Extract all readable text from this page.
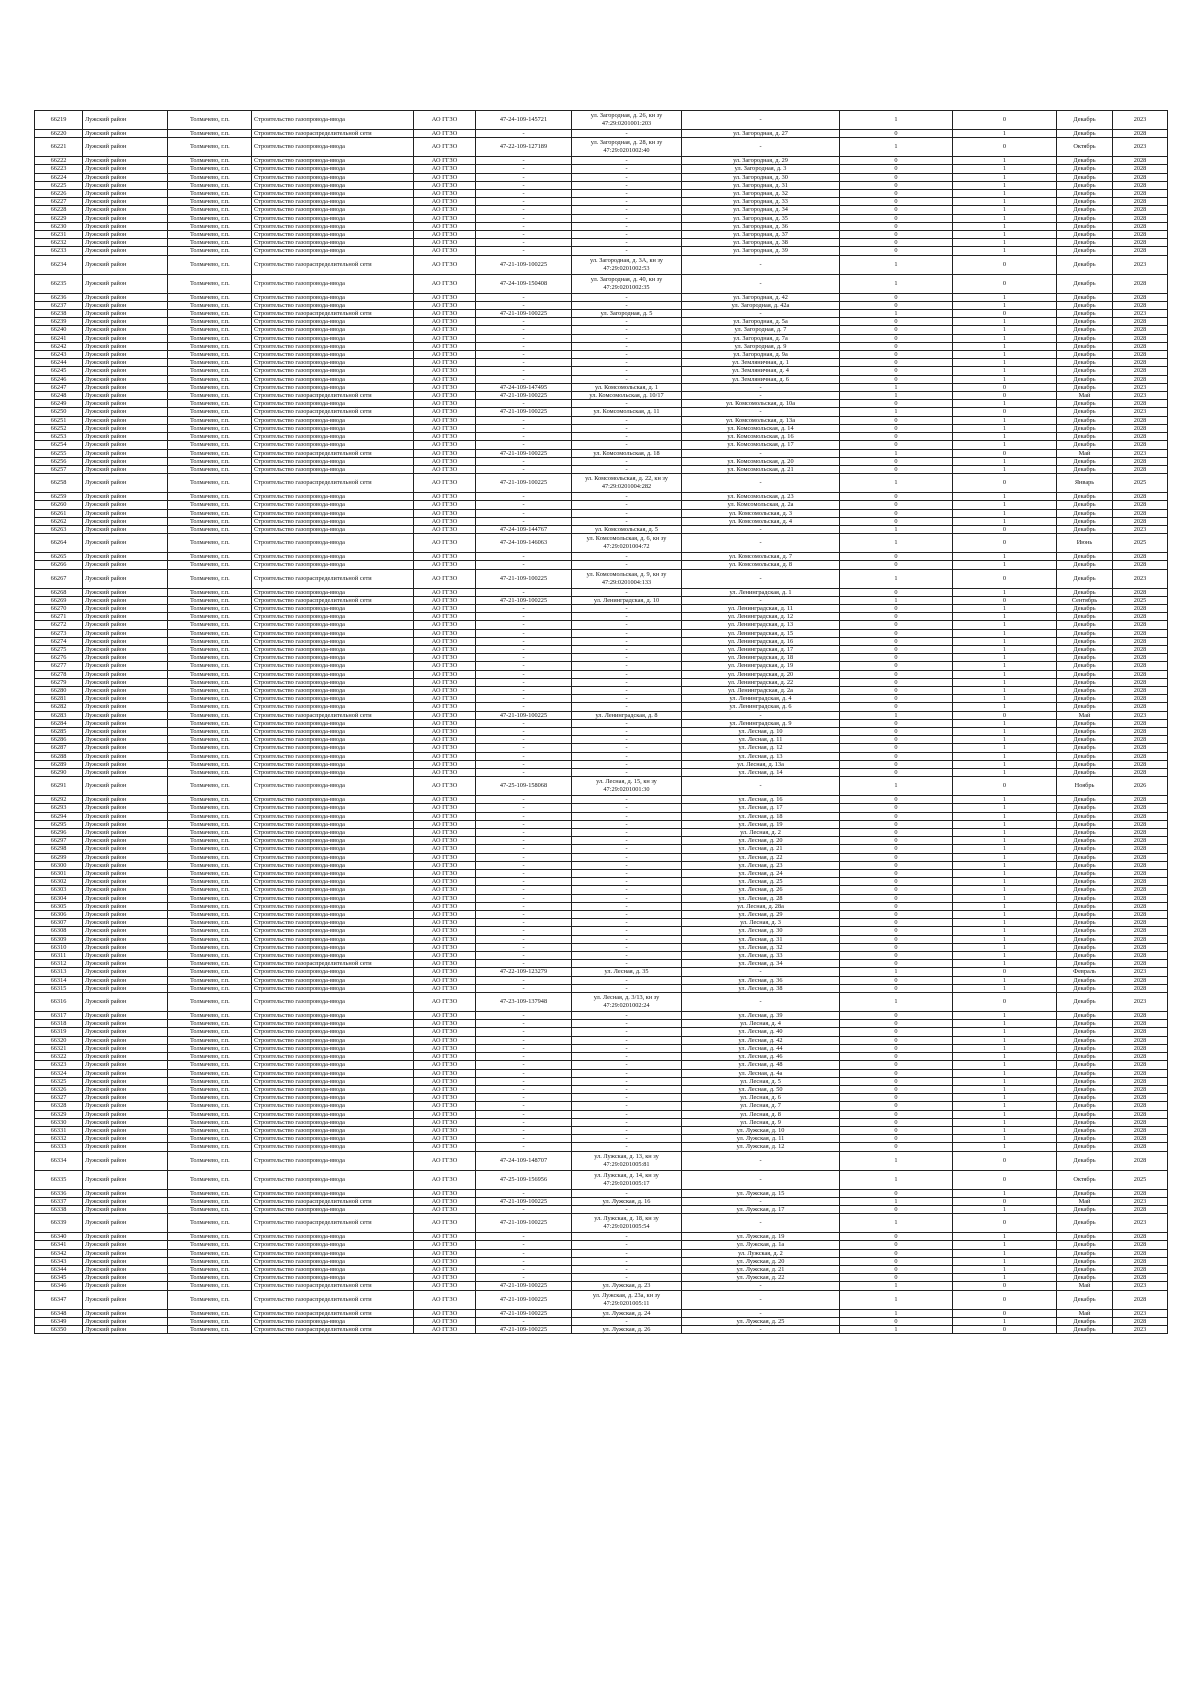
66219	Лужский район	Толмачево, г.п.	Строительство газопровода-ввода	АО ГГЗО	47-24-109-145721	ул. Загородная, д. 26, кн зу 47:29:0201001:203	-	1	0	Декабрь	2023
66220	Лужский район	Толмачево, г.п.	Строительство газораспределительной сети	АО ГГЗО	-	-	ул. Загородная, д. 27	0	1	Декабрь	2028
66221	Лужский район	Толмачево, г.п.	Строительство газопровода-ввода	АО ГГЗО	47-22-109-127189	ул. Загородная, д. 28, кн зу 47:29:0201002:40	-	1	0	Октябрь	2023
66222	Лужский район	Толмачево, г.п.	Строительство газопровода-ввода	АО ГГЗО	-	-	ул. Загородная, д. 29	0	1	Декабрь	2028
66223	Лужский район	Толмачево, г.п.	Строительство газопровода-ввода	АО ГГЗО	-	-	ул. Загородная, д. 3	0	1	Декабрь	2028
66224	Лужский район	Толмачево, г.п.	Строительство газопровода-ввода	АО ГГЗО	-	-	ул. Загородная, д. 30	0	1	Декабрь	2028
66225	Лужский район	Толмачево, г.п.	Строительство газопровода-ввода	АО ГГЗО	-	-	ул. Загородная, д. 31	0	1	Декабрь	2028
66226	Лужский район	Толмачево, г.п.	Строительство газопровода-ввода	АО ГГЗО	-	-	ул. Загородная, д. 32	0	1	Декабрь	2028
66227	Лужский район	Толмачево, г.п.	Строительство газопровода-ввода	АО ГГЗО	-	-	ул. Загородная, д. 33	0	1	Декабрь	2028
66228	Лужский район	Толмачево, г.п.	Строительство газопровода-ввода	АО ГГЗО	-	-	ул. Загородная, д. 34	0	1	Декабрь	2028
66229	Лужский район	Толмачево, г.п.	Строительство газопровода-ввода	АО ГГЗО	-	-	ул. Загородная, д. 35	0	1	Декабрь	2028
66230	Лужский район	Толмачево, г.п.	Строительство газопровода-ввода	АО ГГЗО	-	-	ул. Загородная, д. 36	0	1	Декабрь	2028
66231	Лужский район	Толмачево, г.п.	Строительство газопровода-ввода	АО ГГЗО	-	-	ул. Загородная, д. 37	0	1	Декабрь	2028
66232	Лужский район	Толмачево, г.п.	Строительство газопровода-ввода	АО ГГЗО	-	-	ул. Загородная, д. 38	0	1	Декабрь	2028
66233	Лужский район	Толмачево, г.п.	Строительство газопровода-ввода	АО ГГЗО	-	-	ул. Загородная, д. 39	0	1	Декабрь	2028
66234	Лужский район	Толмачево, г.п.	Строительство газораспределительной сети	АО ГГЗО	47-21-109-100225	ул. Загородная, д. 3А, кн зу 47:29:0201002:53	-	1	0	Декабрь	2023
66235	Лужский район	Толмачево, г.п.	Строительство газопровода-ввода	АО ГГЗО	47-24-109-150408	ул. Загородная, д. 40, кн зу 47:29:0201002:35	-	1	0	Декабрь	2028
66236	Лужский район	Толмачево, г.п.	Строительство газопровода-ввода	АО ГГЗО	-	-	ул. Загородная, д. 42	0	1	Декабрь	2028
66237	Лужский район	Толмачево, г.п.	Строительство газопровода-ввода	АО ГГЗО	-	-	ул. Загородная, д. 42а	0	1	Декабрь	2028
66238	Лужский район	Толмачево, г.п.	Строительство газораспределительной сети	АО ГГЗО	47-21-109-100225	ул. Загородная, д. 5	-	1	0	Декабрь	2023
66239	Лужский район	Толмачево, г.п.	Строительство газопровода-ввода	АО ГГЗО	-	-	ул. Загородная, д. 5а	0	1	Декабрь	2028
66240	Лужский район	Толмачево, г.п.	Строительство газопровода-ввода	АО ГГЗО	-	-	ул. Загородная, д. 7	0	1	Декабрь	2028
66241	Лужский район	Толмачево, г.п.	Строительство газопровода-ввода	АО ГГЗО	-	-	ул. Загородная, д. 7а	0	1	Декабрь	2028
66242	Лужский район	Толмачево, г.п.	Строительство газопровода-ввода	АО ГГЗО	-	-	ул. Загородная, д. 9	0	1	Декабрь	2028
66243	Лужский район	Толмачево, г.п.	Строительство газопровода-ввода	АО ГГЗО	-	-	ул. Загородная, д. 9а	0	1	Декабрь	2028
66244	Лужский район	Толмачево, г.п.	Строительство газопровода-ввода	АО ГГЗО	-	-	ул. Земляничная, д. 1	0	1	Декабрь	2028
66245	Лужский район	Толмачево, г.п.	Строительство газопровода-ввода	АО ГГЗО	-	-	ул. Земляничная, д. 4	0	1	Декабрь	2028
66246	Лужский район	Толмачево, г.п.	Строительство газопровода-ввода	АО ГГЗО	-	-	ул. Земляничная, д. 6	0	1	Декабрь	2028
66247	Лужский район	Толмачево, г.п.	Строительство газопровода-ввода	АО ГГЗО	47-24-109-147495	ул. Комсомольская, д. 1	-	1	0	Декабрь	2023
66248	Лужский район	Толмачево, г.п.	Строительство газораспределительной сети	АО ГГЗО	47-21-109-100225	ул. Комсомольская, д. 10/17	-	1	0	Май	2023
66249	Лужский район	Толмачево, г.п.	Строительство газопровода-ввода	АО ГГЗО	-	-	ул. Комсомольская, д. 10а	0	1	Декабрь	2028
66250	Лужский район	Толмачево, г.п.	Строительство газораспределительной сети	АО ГГЗО	47-21-109-100225	ул. Комсомольская, д. 11	-	1	0	Декабрь	2023
66251	Лужский район	Толмачево, г.п.	Строительство газопровода-ввода	АО ГГЗО	-	-	ул. Комсомольская, д. 13а	0	1	Декабрь	2028
66252	Лужский район	Толмачево, г.п.	Строительство газопровода-ввода	АО ГГЗО	-	-	ул. Комсомольская, д. 14	0	1	Декабрь	2028
66253	Лужский район	Толмачево, г.п.	Строительство газопровода-ввода	АО ГГЗО	-	-	ул. Комсомольская, д. 16	0	1	Декабрь	2028
66254	Лужский район	Толмачево, г.п.	Строительство газопровода-ввода	АО ГГЗО	-	-	ул. Комсомольская, д. 17	0	1	Декабрь	2028
66255	Лужский район	Толмачево, г.п.	Строительство газораспределительной сети	АО ГГЗО	47-21-109-100225	ул. Комсомольская, д. 18	-	1	0	Май	2023
66256	Лужский район	Толмачево, г.п.	Строительство газопровода-ввода	АО ГГЗО	-	-	ул. Комсомольская, д. 20	0	1	Декабрь	2028
66257	Лужский район	Толмачево, г.п.	Строительство газопровода-ввода	АО ГГЗО	-	-	ул. Комсомольская, д. 21	0	1	Декабрь	2028
66258	Лужский район	Толмачево, г.п.	Строительство газораспределительной сети	АО ГГЗО	47-21-109-100225	ул. Комсомольская, д. 22, кн зу 47:29:0201004:282	-	1	0	Январь	2025
66259	Лужский район	Толмачево, г.п.	Строительство газопровода-ввода	АО ГГЗО	-	-	ул. Комсомольская, д. 23	0	1	Декабрь	2028
66260	Лужский район	Толмачево, г.п.	Строительство газопровода-ввода	АО ГГЗО	-	-	ул. Комсомольская, д. 2а	0	1	Декабрь	2028
66261	Лужский район	Толмачево, г.п.	Строительство газопровода-ввода	АО ГГЗО	-	-	ул. Комсомольская, д. 3	0	1	Декабрь	2028
66262	Лужский район	Толмачево, г.п.	Строительство газопровода-ввода	АО ГГЗО	-	-	ул. Комсомольская, д. 4	0	1	Декабрь	2028
66263	Лужский район	Толмачево, г.п.	Строительство газопровода-ввода	АО ГГЗО	47-24-109-144767	ул. Комсомольская, д. 5	-	1	0	Декабрь	2023
66264	Лужский район	Толмачево, г.п.	Строительство газопровода-ввода	АО ГГЗО	47-24-109-146063	ул. Комсомольская, д. 6, кн зу 47:29:0201004:72	-	1	0	Июнь	2025
66265	Лужский район	Толмачево, г.п.	Строительство газопровода-ввода	АО ГГЗО	-	-	ул. Комсомольская, д. 7	0	1	Декабрь	2028
66266	Лужский район	Толмачево, г.п.	Строительство газопровода-ввода	АО ГГЗО	-	-	ул. Комсомольская, д. 8	0	1	Декабрь	2028
66267	Лужский район	Толмачево, г.п.	Строительство газораспределительной сети	АО ГГЗО	47-21-109-100225	ул. Комсомольская, д. 9, кн зу 47:29:0201004:133	-	1	0	Декабрь	2023
66268	Лужский район	Толмачево, г.п.	Строительство газопровода-ввода	АО ГГЗО	-	-	ул. Ленинградская, д. 1	0	1	Декабрь	2028
66269	Лужский район	Толмачево, г.п.	Строительство газораспределительной сети	АО ГГЗО	47-21-109-100225	ул. Ленинградская, д. 10	-	1	0	Сентябрь	2025
66270	Лужский район	Толмачево, г.п.	Строительство газопровода-ввода	АО ГГЗО	-	-	ул. Ленинградская, д. 11	0	1	Декабрь	2028
66271	Лужский район	Толмачево, г.п.	Строительство газопровода-ввода	АО ГГЗО	-	-	ул. Ленинградская, д. 12	0	1	Декабрь	2028
66272	Лужский район	Толмачево, г.п.	Строительство газопровода-ввода	АО ГГЗО	-	-	ул. Ленинградская, д. 13	0	1	Декабрь	2028
66273	Лужский район	Толмачево, г.п.	Строительство газопровода-ввода	АО ГГЗО	-	-	ул. Ленинградская, д. 15	0	1	Декабрь	2028
66274	Лужский район	Толмачево, г.п.	Строительство газопровода-ввода	АО ГГЗО	-	-	ул. Ленинградская, д. 16	0	1	Декабрь	2028
66275	Лужский район	Толмачево, г.п.	Строительство газопровода-ввода	АО ГГЗО	-	-	ул. Ленинградская, д. 17	0	1	Декабрь	2028
66276	Лужский район	Толмачево, г.п.	Строительство газопровода-ввода	АО ГГЗО	-	-	ул. Ленинградская, д. 18	0	1	Декабрь	2028
66277	Лужский район	Толмачево, г.п.	Строительство газопровода-ввода	АО ГГЗО	-	-	ул. Ленинградская, д. 19	0	1	Декабрь	2028
66278	Лужский район	Толмачево, г.п.	Строительство газопровода-ввода	АО ГГЗО	-	-	ул. Ленинградская, д. 20	0	1	Декабрь	2028
66279	Лужский район	Толмачево, г.п.	Строительство газопровода-ввода	АО ГГЗО	-	-	ул. Ленинградская, д. 22	0	1	Декабрь	2028
66280	Лужский район	Толмачево, г.п.	Строительство газопровода-ввода	АО ГГЗО	-	-	ул. Ленинградская, д. 2а	0	1	Декабрь	2028
66281	Лужский район	Толмачево, г.п.	Строительство газопровода-ввода	АО ГГЗО	-	-	ул. Ленинградская, д. 4	0	1	Декабрь	2028
66282	Лужский район	Толмачево, г.п.	Строительство газопровода-ввода	АО ГГЗО	-	-	ул. Ленинградская, д. 6	0	1	Декабрь	2028
66283	Лужский район	Толмачево, г.п.	Строительство газораспределительной сети	АО ГГЗО	47-21-109-100225	ул. Ленинградская, д. 8	-	1	0	Май	2023
66284	Лужский район	Толмачево, г.п.	Строительство газопровода-ввода	АО ГГЗО	-	-	ул. Ленинградская, д. 9	0	1	Декабрь	2028
66285	Лужский район	Толмачево, г.п.	Строительство газопровода-ввода	АО ГГЗО	-	-	ул. Лесная, д. 10	0	1	Декабрь	2028
66286	Лужский район	Толмачево, г.п.	Строительство газопровода-ввода	АО ГГЗО	-	-	ул. Лесная, д. 11	0	1	Декабрь	2028
66287	Лужский район	Толмачево, г.п.	Строительство газопровода-ввода	АО ГГЗО	-	-	ул. Лесная, д. 12	0	1	Декабрь	2028
66288	Лужский район	Толмачево, г.п.	Строительство газопровода-ввода	АО ГГЗО	-	-	ул. Лесная, д. 13	0	1	Декабрь	2028
66289	Лужский район	Толмачево, г.п.	Строительство газопровода-ввода	АО ГГЗО	-	-	ул. Лесная, д. 13а	0	1	Декабрь	2028
66290	Лужский район	Толмачево, г.п.	Строительство газопровода-ввода	АО ГГЗО	-	-	ул. Лесная, д. 14	0	1	Декабрь	2028
66291	Лужский район	Толмачево, г.п.	Строительство газопровода-ввода	АО ГГЗО	47-25-109-158068	ул. Лесная, д. 15, кн зу 47:29:0201001:30	-	1	0	Ноябрь	2026
66292	Лужский район	Толмачево, г.п.	Строительство газопровода-ввода	АО ГГЗО	-	-	ул. Лесная, д. 16	0	1	Декабрь	2028
66293	Лужский район	Толмачево, г.п.	Строительство газопровода-ввода	АО ГГЗО	-	-	ул. Лесная, д. 17	0	1	Декабрь	2028
66294	Лужский район	Толмачево, г.п.	Строительство газопровода-ввода	АО ГГЗО	-	-	ул. Лесная, д. 18	0	1	Декабрь	2028
66295	Лужский район	Толмачево, г.п.	Строительство газопровода-ввода	АО ГГЗО	-	-	ул. Лесная, д. 19	0	1	Декабрь	2028
66296	Лужский район	Толмачево, г.п.	Строительство газопровода-ввода	АО ГГЗО	-	-	ул. Лесная, д. 2	0	1	Декабрь	2028
66297	Лужский район	Толмачево, г.п.	Строительство газопровода-ввода	АО ГГЗО	-	-	ул. Лесная, д. 20	0	1	Декабрь	2028
66298	Лужский район	Толмачево, г.п.	Строительство газопровода-ввода	АО ГГЗО	-	-	ул. Лесная, д. 21	0	1	Декабрь	2028
66299	Лужский район	Толмачево, г.п.	Строительство газопровода-ввода	АО ГГЗО	-	-	ул. Лесная, д. 22	0	1	Декабрь	2028
66300	Лужский район	Толмачево, г.п.	Строительство газопровода-ввода	АО ГГЗО	-	-	ул. Лесная, д. 23	0	1	Декабрь	2028
66301	Лужский район	Толмачево, г.п.	Строительство газопровода-ввода	АО ГГЗО	-	-	ул. Лесная, д. 24	0	1	Декабрь	2028
66302	Лужский район	Толмачево, г.п.	Строительство газопровода-ввода	АО ГГЗО	-	-	ул. Лесная, д. 25	0	1	Декабрь	2028
66303	Лужский район	Толмачево, г.п.	Строительство газопровода-ввода	АО ГГЗО	-	-	ул. Лесная, д. 26	0	1	Декабрь	2028
66304	Лужский район	Толмачево, г.п.	Строительство газопровода-ввода	АО ГГЗО	-	-	ул. Лесная, д. 28	0	1	Декабрь	2028
66305	Лужский район	Толмачево, г.п.	Строительство газопровода-ввода	АО ГГЗО	-	-	ул. Лесная, д. 28а	0	1	Декабрь	2028
66306	Лужский район	Толмачево, г.п.	Строительство газопровода-ввода	АО ГГЗО	-	-	ул. Лесная, д. 29	0	1	Декабрь	2028
66307	Лужский район	Толмачево, г.п.	Строительство газопровода-ввода	АО ГГЗО	-	-	ул. Лесная, д. 3	0	1	Декабрь	2028
66308	Лужский район	Толмачево, г.п.	Строительство газопровода-ввода	АО ГГЗО	-	-	ул. Лесная, д. 30	0	1	Декабрь	2028
66309	Лужский район	Толмачево, г.п.	Строительство газопровода-ввода	АО ГГЗО	-	-	ул. Лесная, д. 31	0	1	Декабрь	2028
66310	Лужский район	Толмачево, г.п.	Строительство газопровода-ввода	АО ГГЗО	-	-	ул. Лесная, д. 32	0	1	Декабрь	2028
66311	Лужский район	Толмачево, г.п.	Строительство газопровода-ввода	АО ГГЗО	-	-	ул. Лесная, д. 33	0	1	Декабрь	2028
66312	Лужский район	Толмачево, г.п.	Строительство газораспределительной сети	АО ГГЗО	-	-	ул. Лесная, д. 34	0	1	Декабрь	2028
66313	Лужский район	Толмачево, г.п.	Строительство газопровода-ввода	АО ГГЗО	47-22-109-123279	ул. Лесная, д. 35	-	1	0	Февраль	2023
66314	Лужский район	Толмачево, г.п.	Строительство газопровода-ввода	АО ГГЗО	-	-	ул. Лесная, д. 36	0	1	Декабрь	2028
66315	Лужский район	Толмачево, г.п.	Строительство газопровода-ввода	АО ГГЗО	-	-	ул. Лесная, д. 38	0	1	Декабрь	2028
66316	Лужский район	Толмачево, г.п.	Строительство газопровода-ввода	АО ГГЗО	47-23-109-137948	ул. Лесная, д. 3/13, кн зу 47:29:0201002:24	-	1	0	Декабрь	2023
66317	Лужский район	Толмачево, г.п.	Строительство газопровода-ввода	АО ГГЗО	-	-	ул. Лесная, д. 39	0	1	Декабрь	2028
66318	Лужский район	Толмачево, г.п.	Строительство газопровода-ввода	АО ГГЗО	-	-	ул. Лесная, д. 4	0	1	Декабрь	2028
66319	Лужский район	Толмачево, г.п.	Строительство газопровода-ввода	АО ГГЗО	-	-	ул. Лесная, д. 40	0	1	Декабрь	2028
66320	Лужский район	Толмачево, г.п.	Строительство газопровода-ввода	АО ГГЗО	-	-	ул. Лесная, д. 42	0	1	Декабрь	2028
66321	Лужский район	Толмачево, г.п.	Строительство газопровода-ввода	АО ГГЗО	-	-	ул. Лесная, д. 44	0	1	Декабрь	2028
66322	Лужский район	Толмачево, г.п.	Строительство газопровода-ввода	АО ГГЗО	-	-	ул. Лесная, д. 46	0	1	Декабрь	2028
66323	Лужский район	Толмачево, г.п.	Строительство газопровода-ввода	АО ГГЗО	-	-	ул. Лесная, д. 48	0	1	Декабрь	2028
66324	Лужский район	Толмачево, г.п.	Строительство газопровода-ввода	АО ГГЗО	-	-	ул. Лесная, д. 4а	0	1	Декабрь	2028
66325	Лужский район	Толмачево, г.п.	Строительство газопровода-ввода	АО ГГЗО	-	-	ул. Лесная, д. 5	0	1	Декабрь	2028
66326	Лужский район	Толмачево, г.п.	Строительство газопровода-ввода	АО ГГЗО	-	-	ул. Лесная, д. 50	0	1	Декабрь	2028
66327	Лужский район	Толмачево, г.п.	Строительство газопровода-ввода	АО ГГЗО	-	-	ул. Лесная, д. 6	0	1	Декабрь	2028
66328	Лужский район	Толмачево, г.п.	Строительство газопровода-ввода	АО ГГЗО	-	-	ул. Лесная, д. 7	0	1	Декабрь	2028
66329	Лужский район	Толмачево, г.п.	Строительство газопровода-ввода	АО ГГЗО	-	-	ул. Лесная, д. 8	0	1	Декабрь	2028
66330	Лужский район	Толмачево, г.п.	Строительство газопровода-ввода	АО ГГЗО	-	-	ул. Лесная, д. 9	0	1	Декабрь	2028
66331	Лужский район	Толмачево, г.п.	Строительство газопровода-ввода	АО ГГЗО	-	-	ул. Лужская, д. 10	0	1	Декабрь	2028
66332	Лужский район	Толмачево, г.п.	Строительство газопровода-ввода	АО ГГЗО	-	-	ул. Лужская, д. 11	0	1	Декабрь	2028
66333	Лужский район	Толмачево, г.п.	Строительство газопровода-ввода	АО ГГЗО	-	-	ул. Лужская, д. 12	0	1	Декабрь	2028
66334	Лужский район	Толмачево, г.п.	Строительство газопровода-ввода	АО ГГЗО	47-24-109-148707	ул. Лужская, д. 13, кн зу 47:29:0201005:81	-	1	0	Декабрь	2028
66335	Лужский район	Толмачево, г.п.	Строительство газопровода-ввода	АО ГГЗО	47-25-109-156956	ул. Лужская, д. 14, кн зу 47:29:0201005:17	-	1	0	Октябрь	2025
66336	Лужский район	Толмачево, г.п.	Строительство газопровода-ввода	АО ГГЗО	-	-	ул. Лужская, д. 15	0	1	Декабрь	2028
66337	Лужский район	Толмачево, г.п.	Строительство газораспределительной сети	АО ГГЗО	47-21-109-100225	ул. Лужская, д. 16	-	1	0	Май	2023
66338	Лужский район	Толмачево, г.п.	Строительство газопровода-ввода	АО ГГЗО	-	-	ул. Лужская, д. 17	0	1	Декабрь	2028
66339	Лужский район	Толмачево, г.п.	Строительство газораспределительной сети	АО ГГЗО	47-21-109-100225	ул. Лужская, д. 18, кн зу 47:29:0201005:54	-	1	0	Декабрь	2023
66340	Лужский район	Толмачево, г.п.	Строительство газопровода-ввода	АО ГГЗО	-	-	ул. Лужская, д. 19	0	1	Декабрь	2028
66341	Лужский район	Толмачево, г.п.	Строительство газопровода-ввода	АО ГГЗО	-	-	ул. Лужская, д. 1а	0	1	Декабрь	2028
66342	Лужский район	Толмачево, г.п.	Строительство газопровода-ввода	АО ГГЗО	-	-	ул. Лужская, д. 2	0	1	Декабрь	2028
66343	Лужский район	Толмачево, г.п.	Строительство газопровода-ввода	АО ГГЗО	-	-	ул. Лужская, д. 20	0	1	Декабрь	2028
66344	Лужский район	Толмачево, г.п.	Строительство газопровода-ввода	АО ГГЗО	-	-	ул. Лужская, д. 21	0	1	Декабрь	2028
66345	Лужский район	Толмачево, г.п.	Строительство газопровода-ввода	АО ГГЗО	-	-	ул. Лужская, д. 22	0	1	Декабрь	2028
66346	Лужский район	Толмачево, г.п.	Строительство газораспределительной сети	АО ГГЗО	47-21-109-100225	ул. Лужская, д. 23	-	1	0	Май	2023
66347	Лужский район	Толмачево, г.п.	Строительство газораспределительной сети	АО ГГЗО	47-21-109-100225	ул. Лужская, д. 23а, кн зу 47:29:0201005:11	-	1	0	Декабрь	2028
66348	Лужский район	Толмачево, г.п.	Строительство газораспределительной сети	АО ГГЗО	47-21-109-100225	ул. Лужская, д. 24	-	1	0	Май	2023
66349	Лужский район	Толмачево, г.п.	Строительство газопровода-ввода	АО ГГЗО	-	-	ул. Лужская, д. 25	0	1	Декабрь	2028
66350	Лужский район	Толмачево, г.п.	Строительство газораспределительной сети	АО ГГЗО	47-21-109-100225	ул. Лужская, д. 26	-	1	0	Декабрь	2023
